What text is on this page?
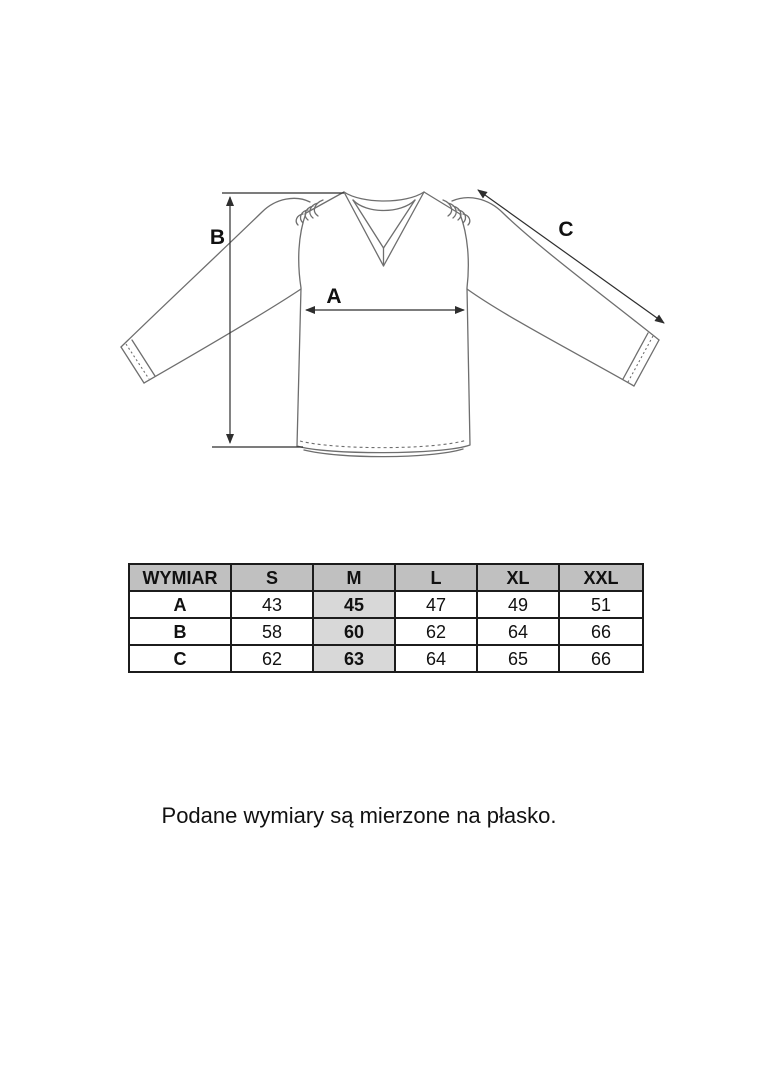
B
A
C
WYMIAR	S	M	L	XL	XXL
A	43	45	47	49	51
B	58	60	62	64	66
C	62	63	64	65	66

Podane wymiary są mierzone na płasko.
